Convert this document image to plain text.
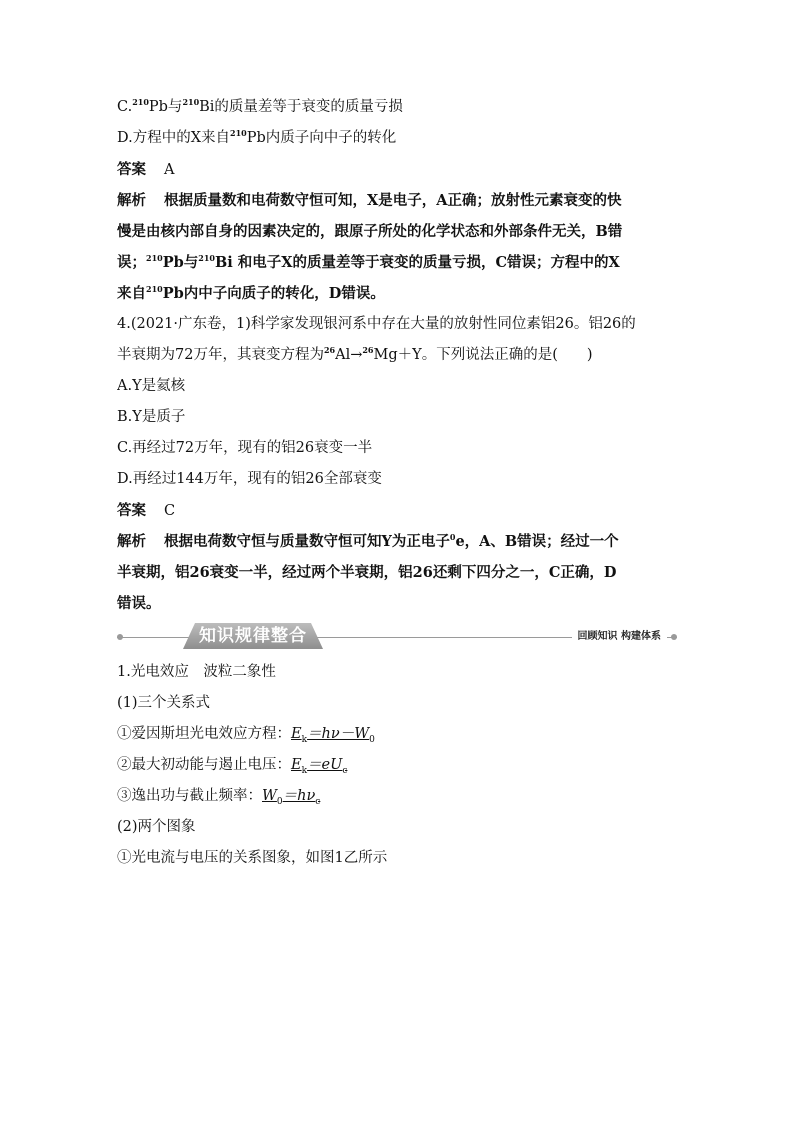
C.$^{210}$Pb与$^{210}$Bi的质量差等于衰变的质量亏损
D.方程中的X来自$^{210}$Pb内质子向中子的转化
答案 A
解析 根据质量数和电荷数守恒可知，X是电子，A正确；放射性元素衰变的快
慢是由核内部自身的因素决定的，跟原子所处的化学状态和外部条件无关，B错
误；$^{210}$Pb与$^{210}$Bi 和电子X的质量差等于衰变的质量亏损，C错误；方程中的X
来自$^{210}$Pb内中子向质子的转化，D错误。
4.(2021·广东卷，1)科学家发现银河系中存在大量的放射性同位素铝26。铝26的
半衰期为72万年，其衰变方程为$^{26}$Al→$^{26}$Mg＋Y。下列说法正确的是(　　)
A.Y是氦核
B.Y是质子
C.再经过72万年，现有的铝26衰变一半
D.再经过144万年，现有的铝26全部衰变
答案 C
解析 根据电荷数守恒与质量数守恒可知Y为正电子$^0$e，A、B错误；经过一个
半衰期，铝26衰变一半，经过两个半衰期，铝26还剩下四分之一，C正确，D
错误。
知识规律整合	回顾知识 构建体系
1.光电效应　波粒二象性
(1)三个关系式
①爱因斯坦光电效应方程：$E_k=h\nu-W_0$
②最大初动能与遏止电压：$E_k=eU_c$
③逸出功与截止频率：$W_0=h\nu_c$
(2)两个图象
①光电流与电压的关系图象，如图1乙所示
